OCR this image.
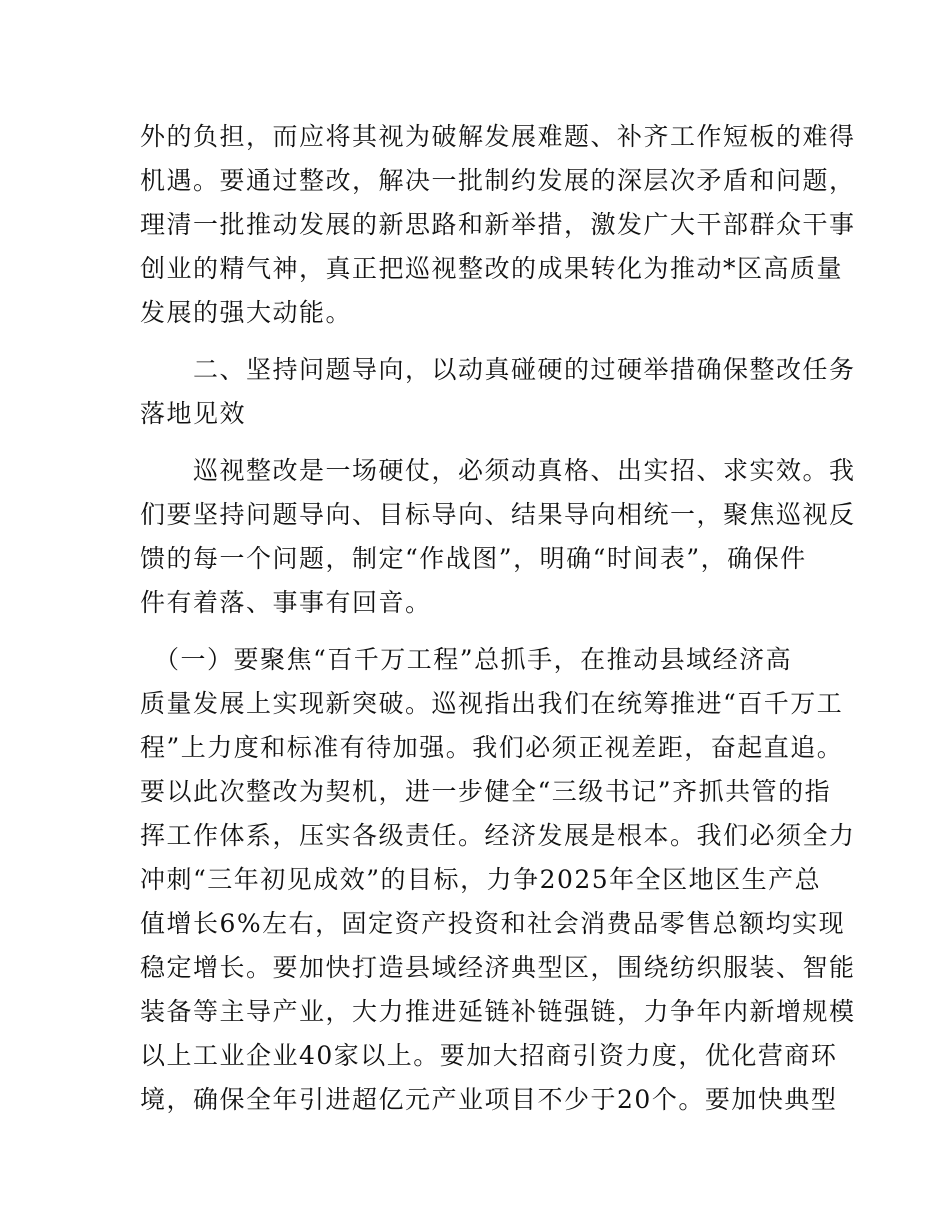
外的负担，而应将其视为破解发展难题、补齐工作短板的难得
机遇。要通过整改，解决一批制约发展的深层次矛盾和问题，
理清一批推动发展的新思路和新举措，激发广大干部群众干事
创业的精气神，真正把巡视整改的成果转化为推动*区高质量
发展的强大动能。
　　二、坚持问题导向，以动真碰硬的过硬举措确保整改任务
落地见效
　　巡视整改是一场硬仗，必须动真格、出实招、求实效。我
们要坚持问题导向、目标导向、结果导向相统一，聚焦巡视反
馈的每一个问题，制定“作战图”，明确“时间表”，确保件
件有着落、事事有回音。
　（一）要聚焦“百千万工程”总抓手，在推动县域经济高
质量发展上实现新突破。巡视指出我们在统筹推进“百千万工
程”上力度和标准有待加强。我们必须正视差距，奋起直追。
要以此次整改为契机，进一步健全“三级书记”齐抓共管的指
挥工作体系，压实各级责任。经济发展是根本。我们必须全力
冲刺“三年初见成效”的目标，力争2025年全区地区生产总
值增长6%左右，固定资产投资和社会消费品零售总额均实现
稳定增长。要加快打造县域经济典型区，围绕纺织服装、智能
装备等主导产业，大力推进延链补链强链，力争年内新增规模
以上工业企业40家以上。要加大招商引资力度，优化营商环
境，确保全年引进超亿元产业项目不少于20个。要加快典型
